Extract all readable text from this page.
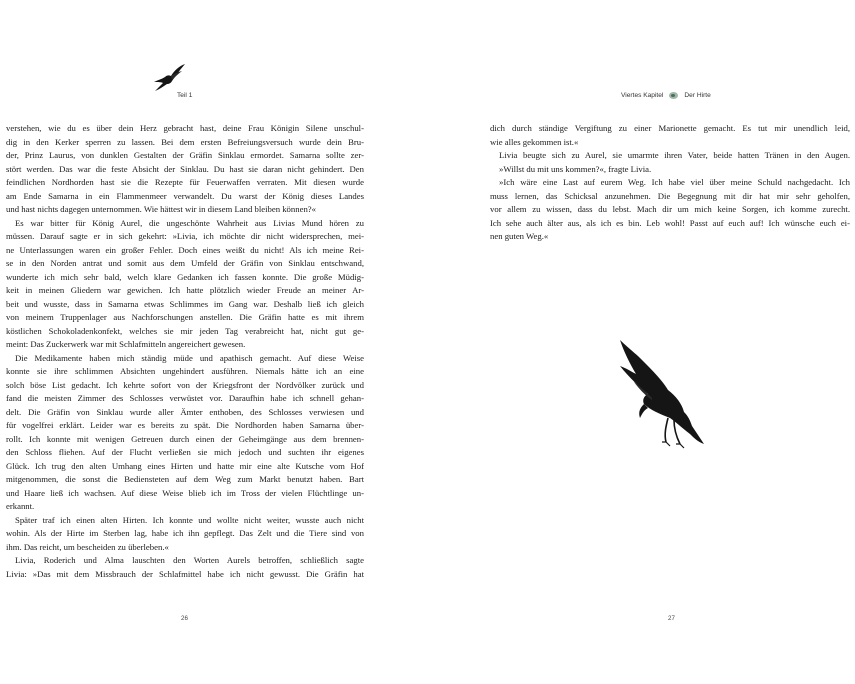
Teil 1
verstehen, wie du es über dein Herz gebracht hast, deine Frau Königin Silene unschul-
dig in den Kerker sperren zu lassen. Bei dem ersten Befreiungsversuch wurde dein Bru-
der, Prinz Laurus, von dunklen Gestalten der Gräfin Sinklau ermordet. Samarna sollte zer-
stört werden. Das war die feste Absicht der Sinklau. Du hast sie daran nicht gehindert. Den
feindlichen Nordhorden hast sie die Rezepte für Feuerwaffen verraten. Mit diesen wurde
am Ende Samarna in ein Flammenmeer verwandelt. Du warst der König dieses Landes
und hast nichts dagegen unternommen. Wie hättest wir in diesem Land bleiben können?«
Es war bitter für König Aurel, die ungeschönte Wahrheit aus Livias Mund hören zu
müssen. Darauf sagte er in sich gekehrt: »Livia, ich möchte dir nicht widersprechen, mei-
ne Unterlassungen waren ein großer Fehler. Doch eines weißt du nicht! Als ich meine Rei-
se in den Norden antrat und somit aus dem Umfeld der Gräfin von Sinklau entschwand,
wunderte ich mich sehr bald, welch klare Gedanken ich fassen konnte. Die große Müdig-
keit in meinen Gliedern war gewichen. Ich hatte plötzlich wieder Freude an meiner Ar-
beit und wusste, dass in Samarna etwas Schlimmes im Gang war. Deshalb ließ ich gleich
von meinem Truppenlager aus Nachforschungen anstellen. Die Gräfin hatte es mit ihrem
köstlichen Schokoladenkonfekt, welches sie mir jeden Tag verabreicht hat, nicht gut ge-
meint: Das Zuckerwerk war mit Schlafmitteln angereichert gewesen.
Die Medikamente haben mich ständig müde und apathisch gemacht. Auf diese Weise
konnte sie ihre schlimmen Absichten ungehindert ausführen. Niemals hätte ich an eine
solch böse List gedacht. Ich kehrte sofort von der Kriegsfront der Nordvölker zurück und
fand die meisten Zimmer des Schlosses verwüstet vor. Daraufhin habe ich schnell gehan-
delt. Die Gräfin von Sinklau wurde aller Ämter enthoben, des Schlosses verwiesen und
für vogelfrei erklärt. Leider war es bereits zu spät. Die Nordhorden haben Samarna über-
rollt. Ich konnte mit wenigen Getreuen durch einen der Geheimgänge aus dem brennen-
den Schloss fliehen. Auf der Flucht verließen sie mich jedoch und suchten ihr eigenes
Glück. Ich trug den alten Umhang eines Hirten und hatte mir eine alte Kutsche vom Hof
mitgenommen, die sonst die Bediensteten auf dem Weg zum Markt benutzt haben. Bart
und Haare ließ ich wachsen. Auf diese Weise blieb ich im Tross der vielen Flüchtlinge un-
erkannt.
Später traf ich einen alten Hirten. Ich konnte und wollte nicht weiter, wusste auch nicht
wohin. Als der Hirte im Sterben lag, habe ich ihn gepflegt. Das Zelt und die Tiere sind von
ihm. Das reicht, um bescheiden zu überleben.«
Livia, Roderich und Alma lauschten den Worten Aurels betroffen, schließlich sagte
Livia: »Das mit dem Missbrauch der Schlafmittel habe ich nicht gewusst. Die Gräfin hat
26
Viertes Kapitel	Der Hirte
dich durch ständige Vergiftung zu einer Marionette gemacht. Es tut mir unendlich leid,
wie alles gekommen ist.«
Livia beugte sich zu Aurel, sie umarmte ihren Vater, beide hatten Tränen in den Augen.
»Willst du mit uns kommen?«, fragte Livia.
»Ich wäre eine Last auf eurem Weg. Ich habe viel über meine Schuld nachgedacht. Ich
muss lernen, das Schicksal anzunehmen. Die Begegnung mit dir hat mir sehr geholfen,
vor allem zu wissen, dass du lebst. Mach dir um mich keine Sorgen, ich komme zurecht.
Ich sehe auch älter aus, als ich es bin. Leb wohl! Passt auf euch auf! Ich wünsche euch ei-
nen guten Weg.«
27
